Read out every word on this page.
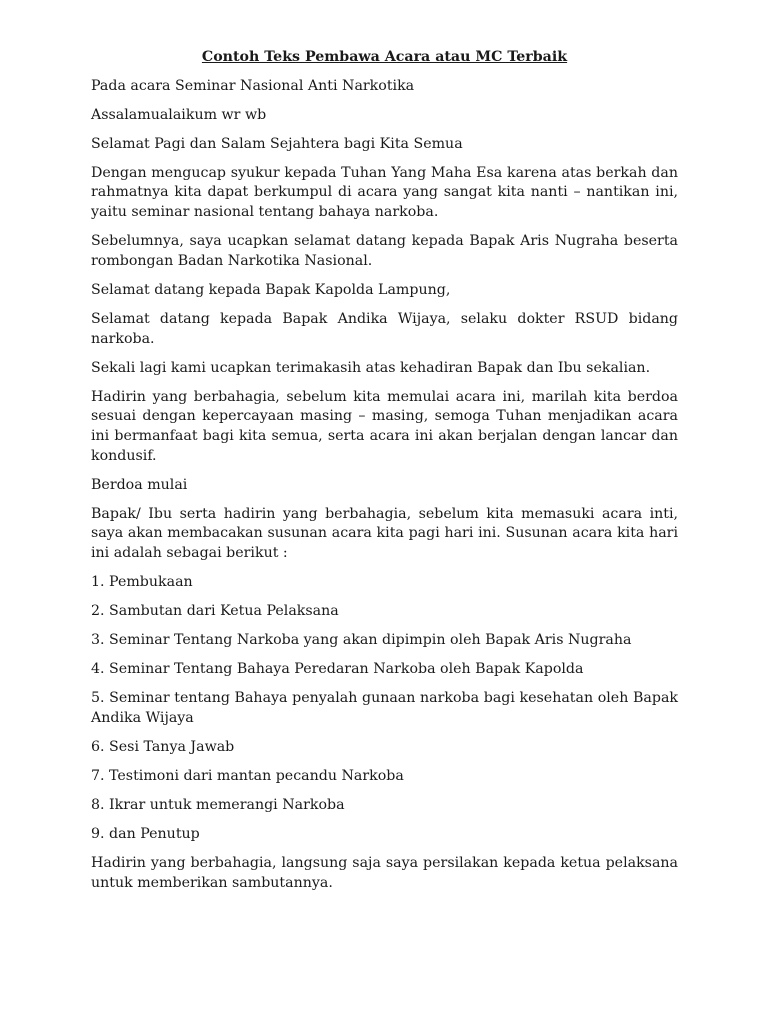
Contoh Teks Pembawa Acara atau MC Terbaik

Pada acara Seminar Nasional Anti Narkotika

Assalamualaikum wr wb

Selamat Pagi dan Salam Sejahtera bagi Kita Semua

Dengan mengucap syukur kepada Tuhan Yang Maha Esa karena atas berkah dan rahmatnya kita dapat berkumpul di acara yang sangat kita nanti – nantikan ini, yaitu seminar nasional tentang bahaya narkoba.

Sebelumnya, saya ucapkan selamat datang kepada Bapak Aris Nugraha beserta rombongan Badan Narkotika Nasional.

Selamat datang kepada Bapak Kapolda Lampung,

Selamat datang kepada Bapak Andika Wijaya, selaku dokter RSUD bidang narkoba.

Sekali lagi kami ucapkan terimakasih atas kehadiran Bapak dan Ibu sekalian.

Hadirin yang berbahagia, sebelum kita memulai acara ini, marilah kita berdoa sesuai dengan kepercayaan masing – masing, semoga Tuhan menjadikan acara ini bermanfaat bagi kita semua, serta acara ini akan berjalan dengan lancar dan kondusif.

Berdoa mulai

Bapak/ Ibu serta hadirin yang berbahagia, sebelum kita memasuki acara inti, saya akan membacakan susunan acara kita pagi hari ini. Susunan acara kita hari ini adalah sebagai berikut :

1. Pembukaan

2. Sambutan dari Ketua Pelaksana

3. Seminar Tentang Narkoba yang akan dipimpin oleh Bapak Aris Nugraha

4. Seminar Tentang Bahaya Peredaran Narkoba oleh Bapak Kapolda

5. Seminar tentang Bahaya penyalah gunaan narkoba bagi kesehatan oleh Bapak Andika Wijaya

6. Sesi Tanya Jawab

7. Testimoni dari mantan pecandu Narkoba

8. Ikrar untuk memerangi Narkoba

9. dan Penutup

Hadirin yang berbahagia, langsung saja saya persilakan kepada ketua pelaksana untuk memberikan sambutannya.
